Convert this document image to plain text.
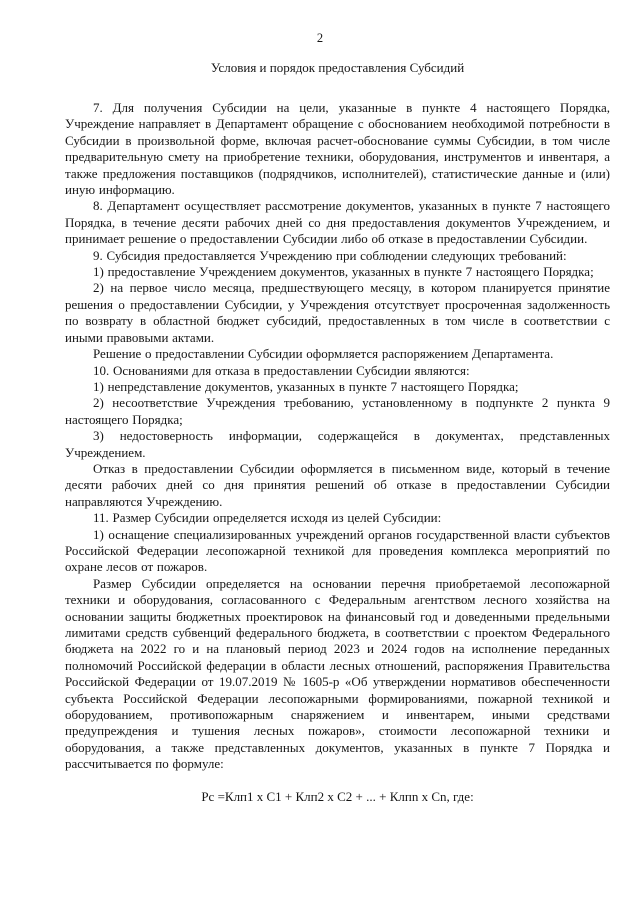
2
Условия и порядок предоставления Субсидий

7. Для получения Субсидии на цели, указанные в пункте 4 настоящего Порядка, Учреждение направляет в Департамент обращение с обоснованием необходимой потребности в Субсидии в произвольной форме, включая расчет-обоснование суммы Субсидии, в том числе предварительную смету на приобретение техники, оборудования, инструментов и инвентаря, а также предложения поставщиков (подрядчиков, исполнителей), статистические данные и (или) иную информацию.

8. Департамент осуществляет рассмотрение документов, указанных в пункте 7 настоящего Порядка, в течение десяти рабочих дней со дня предоставления документов Учреждением, и принимает решение о предоставлении Субсидии либо об отказе в предоставлении Субсидии.

9. Субсидия предоставляется Учреждению при соблюдении следующих требований:

1) предоставление Учреждением документов, указанных в пункте 7 настоящего Порядка;

2) на первое число месяца, предшествующего месяцу, в котором планируется принятие решения о предоставлении Субсидии, у Учреждения отсутствует просроченная задолженность по возврату в областной бюджет субсидий, предоставленных в том числе в соответствии с иными правовыми актами.

Решение о предоставлении Субсидии оформляется распоряжением Департамента.

10. Основаниями для отказа в предоставлении Субсидии являются:

1) непредставление документов, указанных в пункте 7 настоящего Порядка;

2) несоответствие Учреждения требованию, установленному в подпункте 2 пункта 9 настоящего Порядка;

3) недостоверность информации, содержащейся в документах, представленных Учреждением.

Отказ в предоставлении Субсидии оформляется в письменном виде, который в течение десяти рабочих дней со дня принятия решений об отказе в предоставлении Субсидии направляются Учреждению.

11. Размер Субсидии определяется исходя из целей Субсидии:

1) оснащение специализированных учреждений органов государственной власти субъектов Российской Федерации лесопожарной техникой для проведения комплекса мероприятий по охране лесов от пожаров.

Размер Субсидии определяется на основании перечня приобретаемой лесопожарной техники и оборудования, согласованного с Федеральным агентством лесного хозяйства на основании защиты бюджетных проектировок на финансовый год и доведенными предельными лимитами средств субвенций федерального бюджета, в соответствии с проектом Федерального бюджета на 2022 го и на плановый период 2023 и 2024 годов на исполнение переданных полномочий Российской федерации в области лесных отношений, распоряжения Правительства Российской Федерации от 19.07.2019 № 1605-р «Об утверждении нормативов обеспеченности субъекта Российской Федерации лесопожарными формированиями, пожарной техникой и оборудованием, противопожарным снаряжением и инвентарем, иными средствами предупреждения и тушения лесных пожаров», стоимости лесопожарной техники и оборудования, а также представленных документов, указанных в пункте 7 Порядка и рассчитывается по формуле:

Рс =Клп1 х С1 + Клп2 х С2 + ... + Клпn х Сn, где:
